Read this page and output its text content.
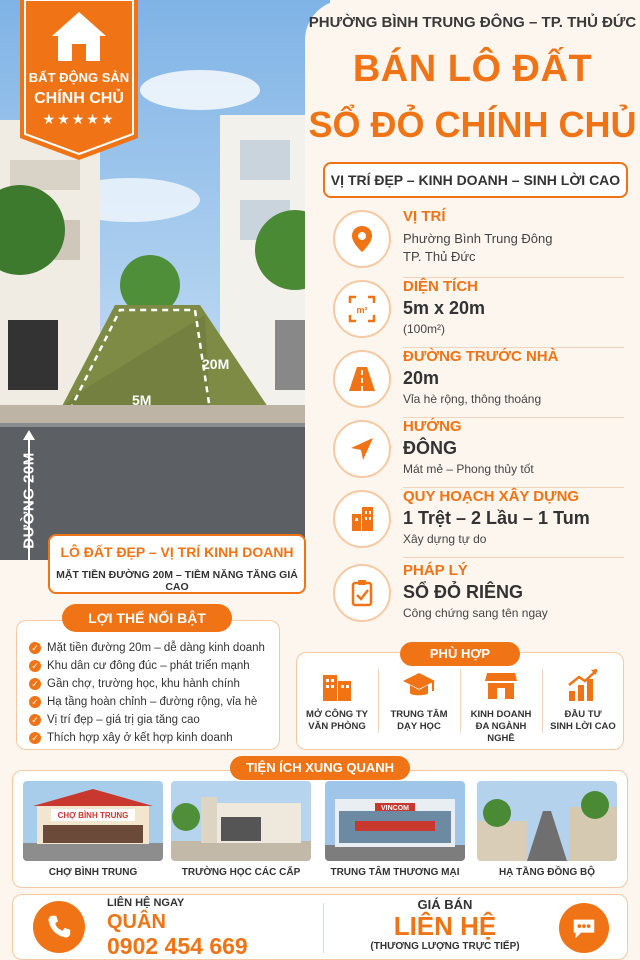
5M
20M
ĐƯỜNG 20M
BẤT ĐỘNG SẢN
CHÍNH CHỦ
★★★★★
PHƯỜNG BÌNH TRUNG ĐÔNG – TP. THỦ ĐỨC
BÁN LÔ ĐẤT
SỔ ĐỎ CHÍNH CHỦ
VỊ TRÍ ĐẸP – KINH DOANH – SINH LỜI CAO
VỊ TRÍ
Phường Bình Trung Đông
TP. Thủ Đức
m²
DIỆN TÍCH
5m x 20m
(100m²)
ĐƯỜNG TRƯỚC NHÀ
20m
Vỉa hè rộng, thông thoáng
HƯỚNG
ĐÔNG
Mát mẻ – Phong thủy tốt
QUY HOẠCH XÂY DỰNG
1 Trệt – 2 Lầu – 1 Tum
Xây dựng tự do
PHÁP LÝ
SỔ ĐỎ RIÊNG
Công chứng sang tên ngay
LÔ ĐẤT ĐẸP – VỊ TRÍ KINH DOANH
MẶT TIỀN ĐƯỜNG 20M – TIỀM NĂNG TĂNG GIÁ CAO
✓ Mặt tiền đường 20m – dễ dàng kinh doanh
✓ Khu dân cư đông đúc – phát triển mạnh
✓ Gần chợ, trường học, khu hành chính
✓ Hạ tầng hoàn chỉnh – đường rộng, vỉa hè
✓ Vị trí đẹp – giá trị gia tăng cao
✓ Thích hợp xây ở kết hợp kinh doanh
LỢI THẾ NỔI BẬT
MỞ CÔNG TY
VĂN PHÒNG
TRUNG TÂM
DẠY HỌC
KINH DOANH
ĐA NGÀNH NGHỀ
ĐẦU TƯ
SINH LỜI CAO
PHÙ HỢP
CHỢ BÌNH TRUNG
CHỢ BÌNH TRUNG	TRƯỜNG HỌC CÁC CẤP
VINCOM
TRUNG TÂM THƯƠNG MẠI	HẠ TẦNG ĐỒNG BỘ
TIỆN ÍCH XUNG QUANH
LIÊN HỆ NGAY
QUÂN
0902 454 669
GIÁ BÁN
LIÊN HỆ
(THƯƠNG LƯỢNG TRỰC TIẾP)
